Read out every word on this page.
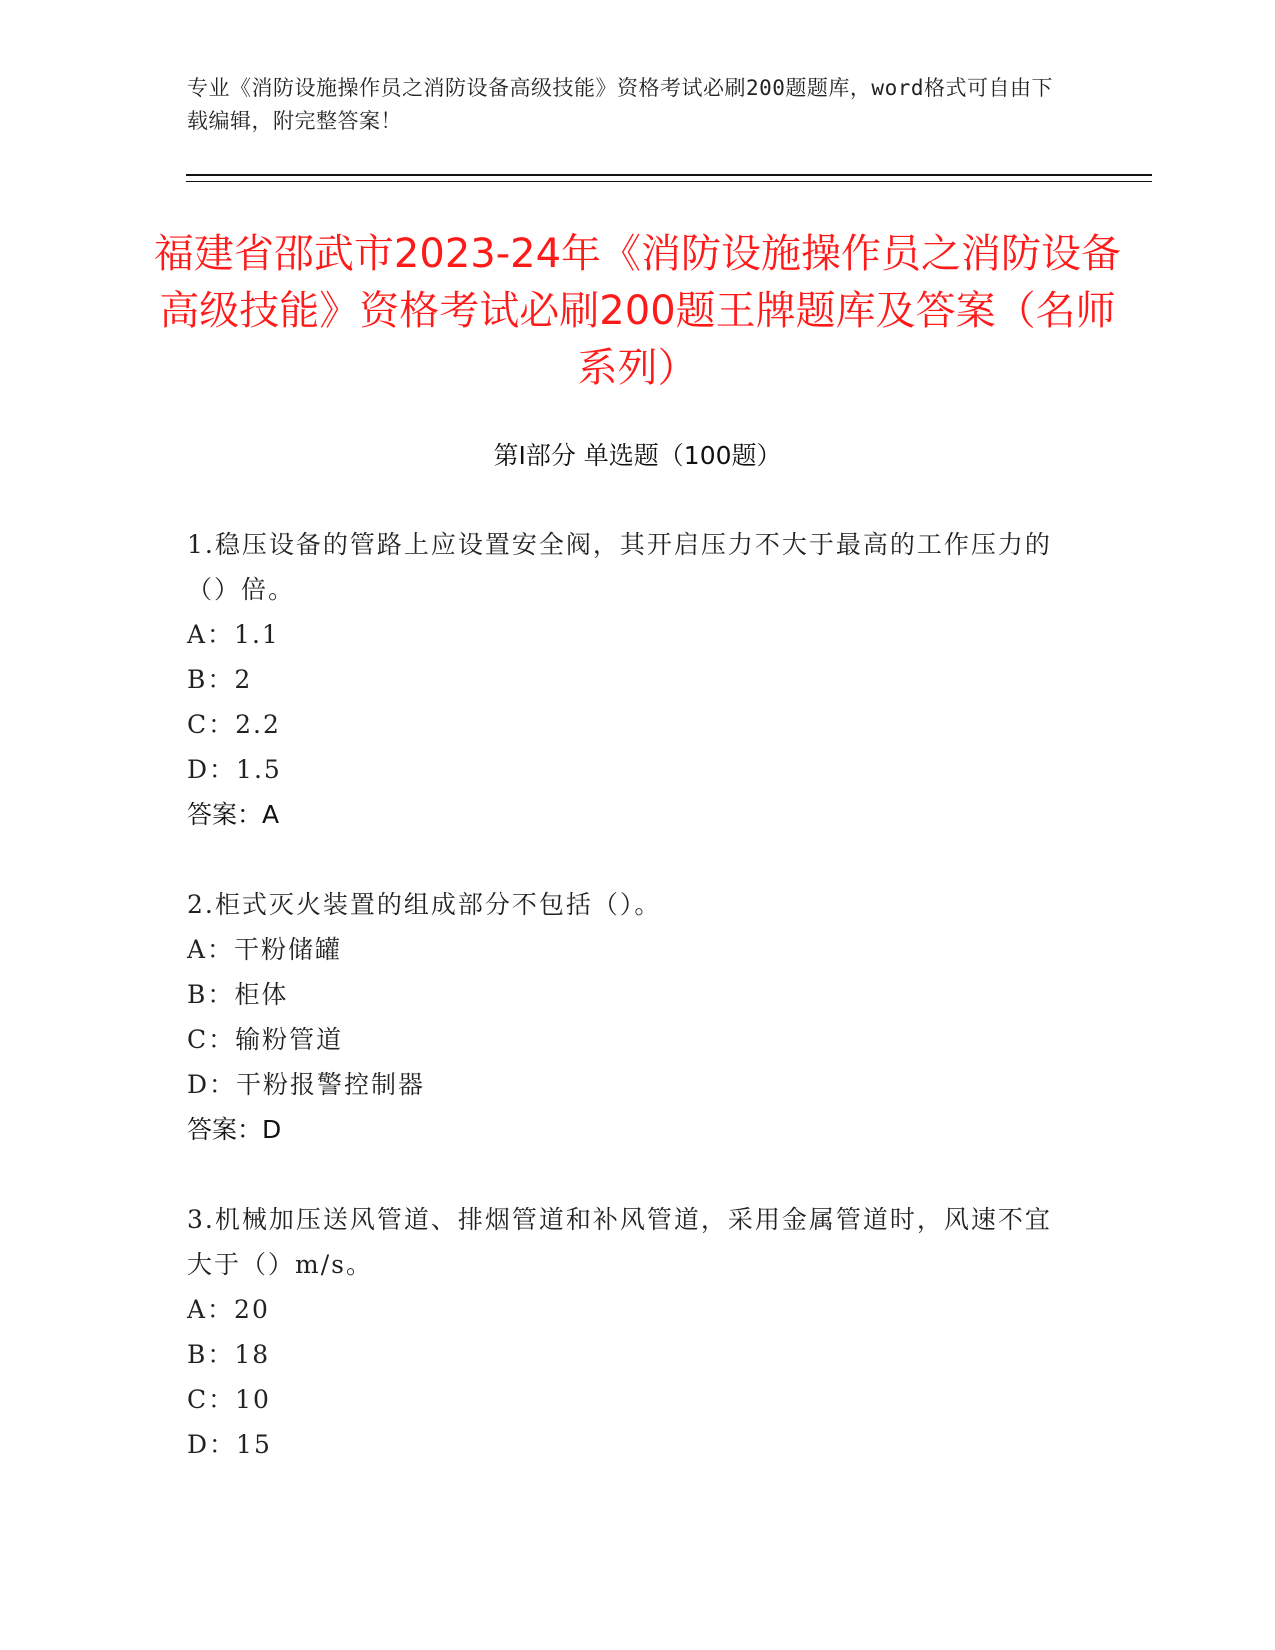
专业《消防设施操作员之消防设备高级技能》资格考试必刷200题题库，word格式可自由下载编辑，附完整答案！
福建省邵武市2023-24年《消防设施操作员之消防设备高级技能》资格考试必刷200题王牌题库及答案（名师系列）
第Ⅰ部分 单选题（100题）

1.稳压设备的管路上应设置安全阀，其开启压力不大于最高的工作压力的（）倍。

A：1.1

B：2

C：2.2

D：1.5

答案：A

2.柜式灭火装置的组成部分不包括（）。

A：干粉储罐

B：柜体

C：输粉管道

D：干粉报警控制器

答案：D

3.机械加压送风管道、排烟管道和补风管道，采用金属管道时，风速不宜大于（）m/s。

A：20

B：18

C：10

D：15
